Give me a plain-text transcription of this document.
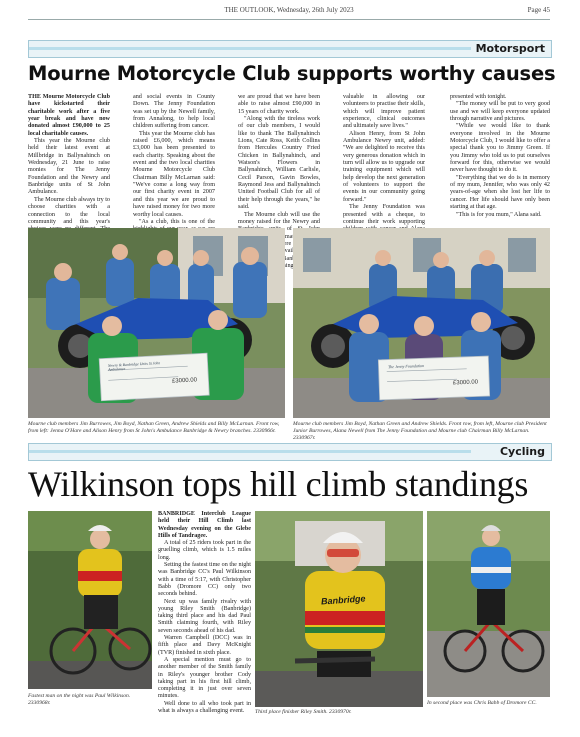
THE OUTLOOK, Wednesday, 26th July 2023	Page 45
Motorsport
Mourne Motorcycle Club supports worthy causes

THE Mourne Motorcycle Club have kickstarted their charitable work after a five year break and have now donated almost £90,000 to 25 local charitable causes.

This year the Mourne club held their latest event at Millbridge in Ballynahinch on Wednesday, 21 June to raise monies for The Jenny Foundation and the Newry and Banbridge units of St John Ambulance.

The Mourne club always try to choose charities with a connection to the local community and this year's

and social events in County Down. The Jenny Foundation was set up by the Newell family, from Annalong, to help local children suffering from cancer.

This year the Mourne club has raised £6,000, which means £3,000 has been presented to each charity. Speaking about the event and the two local charities Mourne Motorcycle Club Chairman Billy McLarnan said: "We've come a long way from our first charity event in 2007 and this year we are proud to have raised money for two more worthy local causes.

"As a club, this is one of the

we are proud that we have been able to raise almost £90,000 in 15 years of charity work.

"Along with the tireless work of our club members, I would like to thank The Ballynahinch Lions, Cate Ross, Keith Collins from Hercules Country Fried Chicken in Ballynahinch, and Watson's Flowers in Ballynahinch, William Carlisle, Cecil Parson, Gavin Bowles, Raymond Jess and Ballynahinch United Football Club for all of their help through the years," he said.

The Mourne club will use the money raised for the Newry and of

were

valuable in allowing our volunteers to practise their skills, which will improve patient experience, clinical outcomes and ultimately save lives."

Alison Henry, from St John Ambulance Newry unit, added: "We are delighted to receive this very generous donation which in turn will allow us to upgrade our training equipment which will help develop the next generation of volunteers to support the events in our community going forward."

The Jenny Foundation was presented with a cheque, to continue their work supporting

presented with tonight.

"The money will be put to very good use and we will keep everyone updated through narrative and pictures.

"While we would like to thank everyone involved in the Mourne Motorcycle Club, I would like to offer a special thank you to Jimmy Green. If you Jimmy who told us to put ourselves forward for this, otherwise we would never have thought to do it.

"Everything that we do is in memory of my mum, Jennifer, who was only 42 years-of-age when she lost her life to cancer. Her life should have only been starting at that age.

"This is for you mum," Alana said.

£3000.00
Newry & Banbridge Units St John Ambulance
Mourne club members Jim Burrowes, Jim Boyd, Nathan Green, Andrew Shields and Billy McLarnan. Front row, from left: Jenna O'Hare and Alison Henry from St John's Ambulance Banbridge & Newry branches. 2330966r.
£3000.00
The Jenny Foundation
Mourne club members Jim Boyd, Nathan Green and Andrew Shields. Front row, from left, Mourne club President Junior Burrowes, Alana Newell from The Jenny Foundation and Mourne club Chairman Billy McLarnan. 2330967r.
Cycling
Wilkinson tops hill climb standings
Fastest man on the night was Paul Wilkinson. 2330968r.

BANBRIDGE Interclub League held their Hill Climb last Wednesday evening on the Glebe Hills of Tandragee.

A total of 25 riders took part in the gruelling climb, which is 1.5 miles long.

Setting the fastest time on the night was Banbridge CC's Paul Wilkinson with a time of 5:17, with Christopher Babb (Dromore CC) only two seconds behind.

Next up was family rivalry with young Riley Smith (Banbridge) taking third place and his dad Paul Smith claiming fourth, with Riley seven seconds ahead of his dad.

Warren Campbell (DCC) was in fifth place and Davy McKnight (TVR) finished in sixth place.

A special mention must go to another member of the Smith family in Riley's younger brother Cody taking part in his first hill climb, completing it in just over seven minutes.

Well done to all who took part in what is always a challenging event.

Banbridge
Third place finisher Riley Smith. 2330970r.
In second place was Chris Babb of Dromore CC.
